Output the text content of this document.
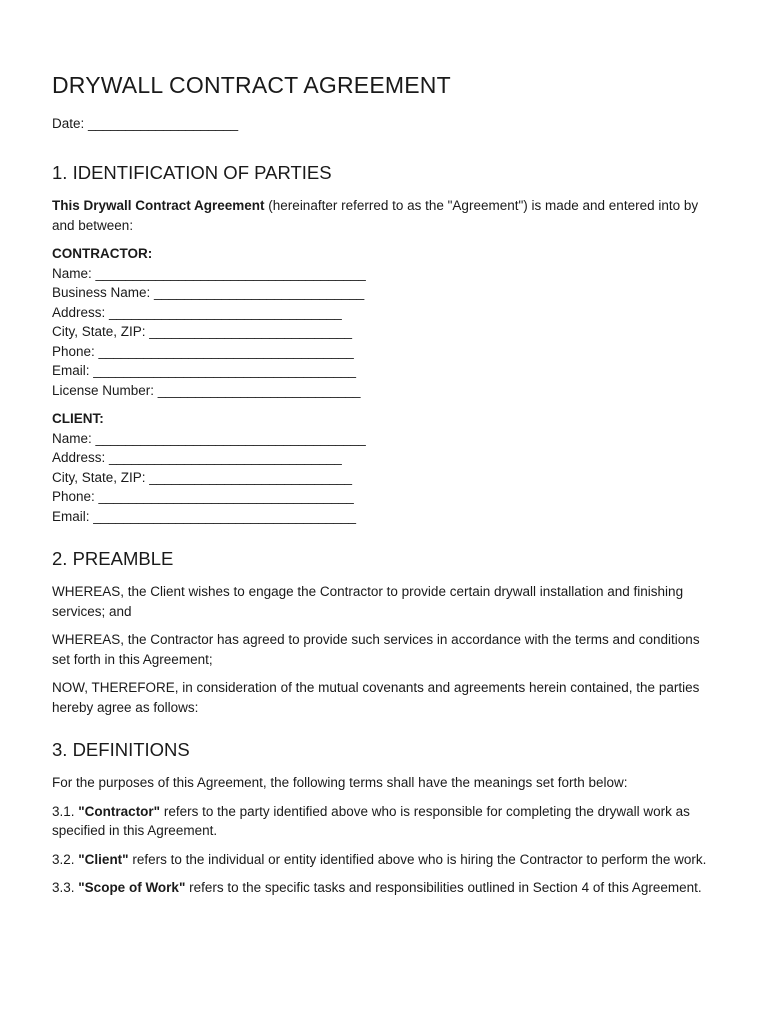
DRYWALL CONTRACT AGREEMENT
Date: ____________________
1. IDENTIFICATION OF PARTIES

This Drywall Contract Agreement (hereinafter referred to as the "Agreement") is made and entered into by and between:

CONTRACTOR:
Name: ____________________________________
Business Name: ____________________________
Address: _______________________________
City, State, ZIP: ___________________________
Phone: __________________________________
Email: ___________________________________
License Number: ___________________________
CLIENT:
Name: ____________________________________
Address: _______________________________
City, State, ZIP: ___________________________
Phone: __________________________________
Email: ___________________________________
2. PREAMBLE

WHEREAS, the Client wishes to engage the Contractor to provide certain drywall installation and finishing services; and

WHEREAS, the Contractor has agreed to provide such services in accordance with the terms and conditions set forth in this Agreement;

NOW, THEREFORE, in consideration of the mutual covenants and agreements herein contained, the parties hereby agree as follows:

3. DEFINITIONS

For the purposes of this Agreement, the following terms shall have the meanings set forth below:

3.1. "Contractor" refers to the party identified above who is responsible for completing the drywall work as specified in this Agreement.

3.2. "Client" refers to the individual or entity identified above who is hiring the Contractor to perform the work.

3.3. "Scope of Work" refers to the specific tasks and responsibilities outlined in Section 4 of this Agreement.
